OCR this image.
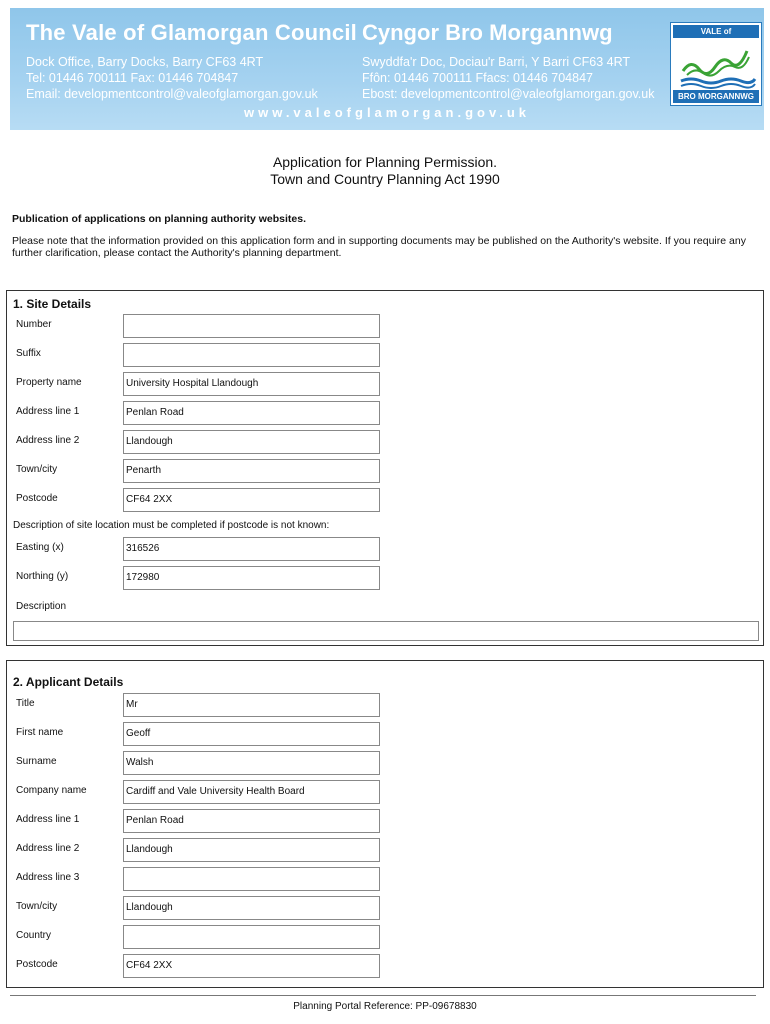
The Vale of Glamorgan Council Cyngor Bro Morgannwg
Dock Office, Barry Docks, Barry CF63 4RT
Tel: 01446 700111 Fax: 01446 704847
Email: developmentcontrol@valeofglamorgan.gov.uk
Swyddfa'r Doc, Dociau'r Barri, Y Barri CF63 4RT
Ffôn: 01446 700111 Ffacs: 01446 704847
Ebost: developmentcontrol@valeofglamorgan.gov.uk
www.valeofglamorgan.gov.uk
VALE of GLAMORGAN
BRO MORGANNWG
Application for Planning Permission.
Town and Country Planning Act 1990
Publication of applications on planning authority websites.
Please note that the information provided on this application form and in supporting documents may be published on the Authority's website. If you require any further clarification, please contact the Authority's planning department.
1. Site Details
Number
Suffix
Property name	University Hospital Llandough
Address line 1	Penlan Road
Address line 2	Llandough
Town/city	Penarth
Postcode	CF64 2XX
Description of site location must be completed if postcode is not known:
Easting (x)	316526
Northing (y)	172980
Description
2. Applicant Details
Title	Mr
First name	Geoff
Surname	Walsh
Company name	Cardiff and Vale University Health Board
Address line 1	Penlan Road
Address line 2	Llandough
Address line 3
Town/city	Llandough
Country
Postcode	CF64 2XX
Planning Portal Reference: PP-09678830
